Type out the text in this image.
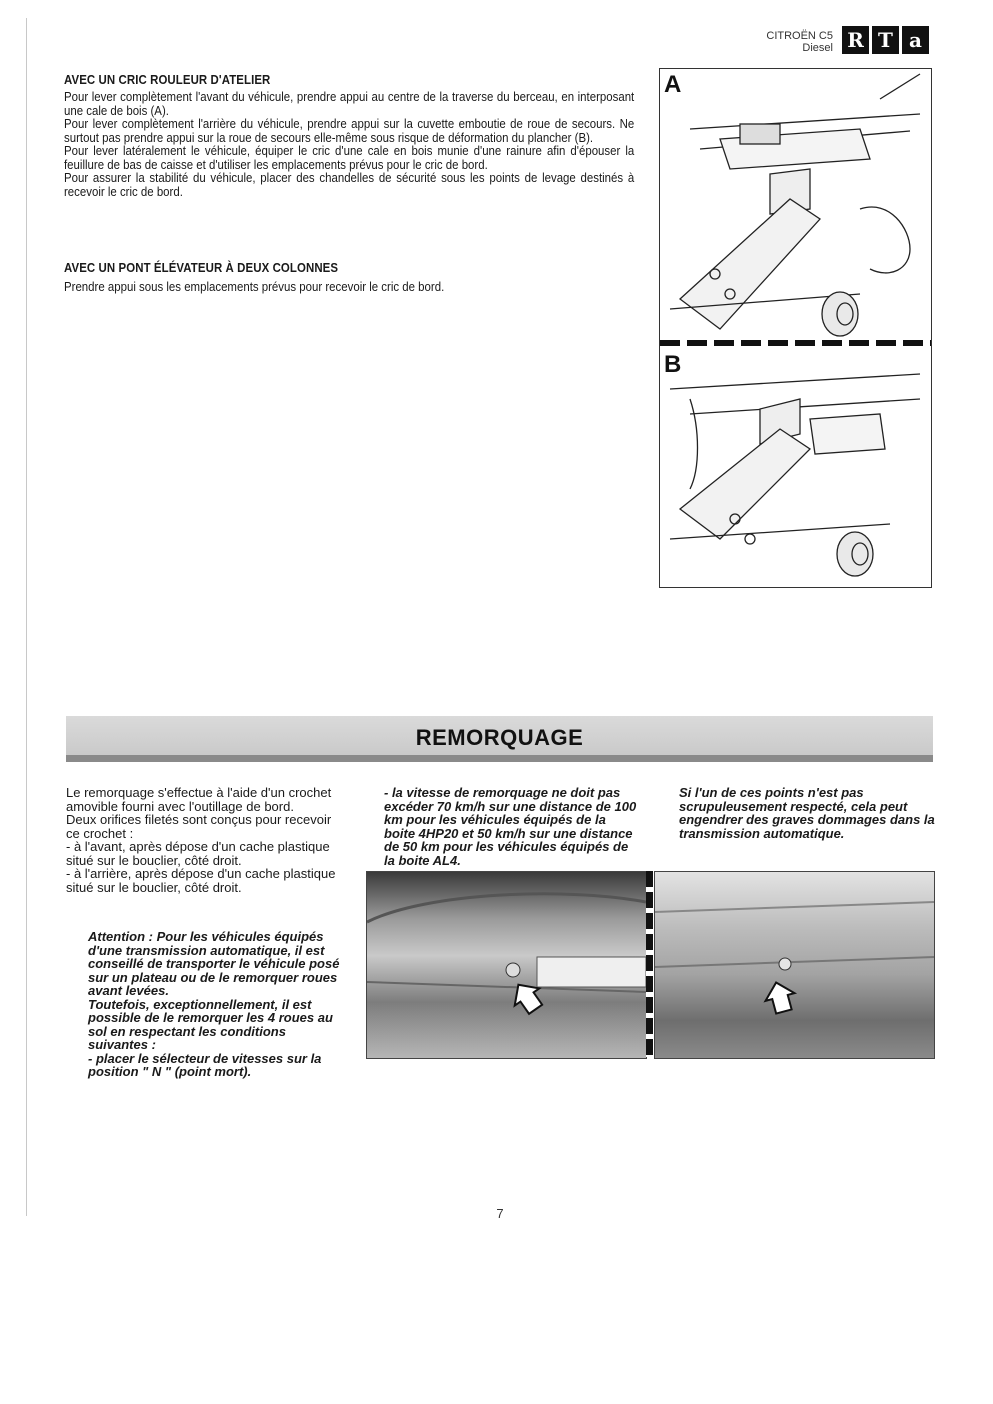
CITROËN C5
Diesel R T a
AVEC UN CRIC ROULEUR D'ATELIER

Pour lever complètement l'avant du véhicule, prendre appui au centre de la traverse du berceau, en interposant une cale de bois (A).

Pour lever complètement l'arrière du véhicule, prendre appui sur la cuvette emboutie de roue de secours. Ne surtout pas prendre appui sur la roue de secours elle-même sous risque de déformation du plancher (B).

Pour lever latéralement le véhicule, équiper le cric d'une cale en bois munie d'une rainure afin d'épouser la feuillure de bas de caisse et d'utiliser les emplacements prévus pour le cric de bord.

Pour assurer la stabilité du véhicule, placer des chandelles de sécurité sous les points de levage destinés à recevoir le cric de bord.

AVEC UN PONT ÉLÉVATEUR À DEUX COLONNES

Prendre appui sous les emplacements prévus pour recevoir le cric de bord.

A
B
REMORQUAGE

Le remorquage s'effectue à l'aide d'un crochet amovible fourni avec l'outillage de bord.

Deux orifices filetés sont conçus pour recevoir ce crochet :

- à l'avant, après dépose d'un cache plastique situé sur le bouclier, côté droit.

- à l'arrière, après dépose d'un cache plastique situé sur le bouclier, côté droit.

Attention : Pour les véhicules équipés d'une transmission automatique, il est conseillé de transporter le véhicule posé sur un plateau ou de le remorquer roues avant levées.

Toutefois, exceptionnellement, il est possible de le remorquer les 4 roues au sol en respectant les conditions suivantes :

- placer le sélecteur de vitesses sur la position " N " (point mort).

- la vitesse de remorquage ne doit pas excéder 70 km/h sur une distance de 100 km pour les véhicules équipés de la boite 4HP20 et 50 km/h sur une distance de 50 km pour les véhicules équipés de la boite AL4.

Si l'un de ces points n'est pas scrupuleusement respecté, cela peut engendrer des graves dommages dans la transmission automatique.

7
